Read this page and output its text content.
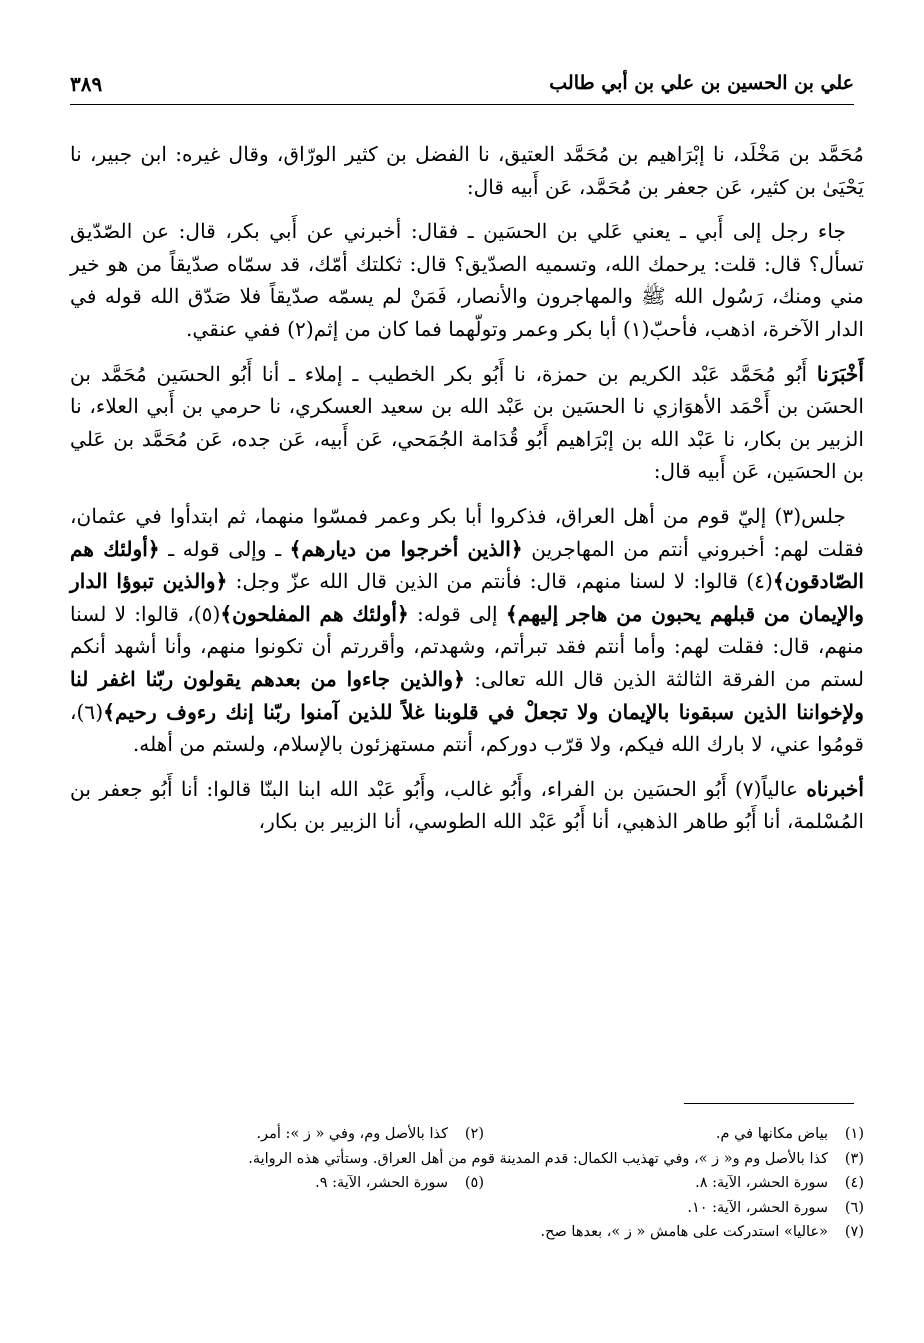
علي بن الحسين بن علي بن أبي طالب
٣٨٩

مُحَمَّد بن مَخْلَد، نا إبْرَاهيم بن مُحَمَّد العتيق، نا الفضل بن كثير الورّاق، وقال غيره: ابن جبير، نا يَحْيَىٰ بن كثير، عَن جعفر بن مُحَمَّد، عَن أَبيه قال:

جاء رجل إلى أَبي ـ يعني عَلي بن الحسَين ـ فقال: أخبرني عن أَبي بكر، قال: عن الصّدّيق تسأل؟ قال: قلت: يرحمك الله، وتسميه الصدّيق؟ قال: ثكلتك أمّك، قد سمّاه صدّيقاً من هو خير مني ومنك، رَسُول الله ﷺ والمهاجرون والأنصار، فَمَنْ لم يسمّه صدّيقاً فلا صَدّق الله قوله في الدار الآخرة، اذهب، فأحبّ(١) أبا بكر وعمر وتولّهما فما كان من إثم(٢) ففي عنقي.

أَخْبَرَنا أَبُو مُحَمَّد عَبْد الكريم بن حمزة، نا أَبُو بكر الخطيب ـ إملاء ـ أنا أَبُو الحسَين مُحَمَّد بن الحسَن بن أَحْمَد الأهوَازي نا الحسَين بن عَبْد الله بن سعيد العسكري، نا حرمي بن أَبي العلاء، نا الزبير بن بكار، نا عَبْد الله بن إبْرَاهيم أَبُو قُدَامة الجُمَحي، عَن أَبيه، عَن جده، عَن مُحَمَّد بن عَلي بن الحسَين، عَن أَبيه قال:

جلس(٣) إليّ قوم من أهل العراق، فذكروا أبا بكر وعمر فمسّوا منهما، ثم ابتدأوا في عثمان، فقلت لهم: أخبروني أنتم من المهاجرين ﴿الذين أخرجوا من ديارهم﴾ ـ وإلى قوله ـ ﴿أولئك هم الصّادقون﴾(٤) قالوا: لا لسنا منهم، قال: فأنتم من الذين قال الله عزّ وجل: ﴿والذين تبوؤا الدار والإيمان من قبلهم يحبون من هاجر إليهم﴾ إلى قوله: ﴿أولئك هم المفلحون﴾(٥)، قالوا: لا لسنا منهم، قال: فقلت لهم: وأما أنتم فقد تبرأتم، وشهدتم، وأقررتم أن تكونوا منهم، وأنا أشهد أنكم لستم من الفرقة الثالثة الذين قال الله تعالى: ﴿والذين جاءوا من بعدهم يقولون ربّنا اغفر لنا ولإخواننا الذين سبقونا بالإيمان ولا تجعلْ في قلوبنا غلاً للذين آمنوا ربّنا إنك رءوف رحيم﴾(٦)، قومُوا عني، لا بارك الله فيكم، ولا قرّب دوركم، أنتم مستهزئون بالإسلام، ولستم من أهله.

أخبرناه عالياً(٧) أَبُو الحسَين بن الفراء، وأَبُو غالب، وأَبُو عَبْد الله ابنا البنّا قالوا: أنا أَبُو جعفر بن المُسْلمة، أنا أَبُو طاهر الذهبي، أنا أَبُو عَبْد الله الطوسي، أنا الزبير بن بكار،

(١)بياض مكانها في م.
(٢)كذا بالأصل وم، وفي « ز »: أمر.
(٣)كذا بالأصل وم و« ز »، وفي تهذيب الكمال: قدم المدينة قوم من أهل العراق. وستأتي هذه الرواية.
(٤)سورة الحشر، الآية: ٨.
(٥)سورة الحشر، الآية: ٩.
(٦)سورة الحشر، الآية: ١٠.
(٧)«عاليا» استدركت على هامش « ز »، بعدها صح.
